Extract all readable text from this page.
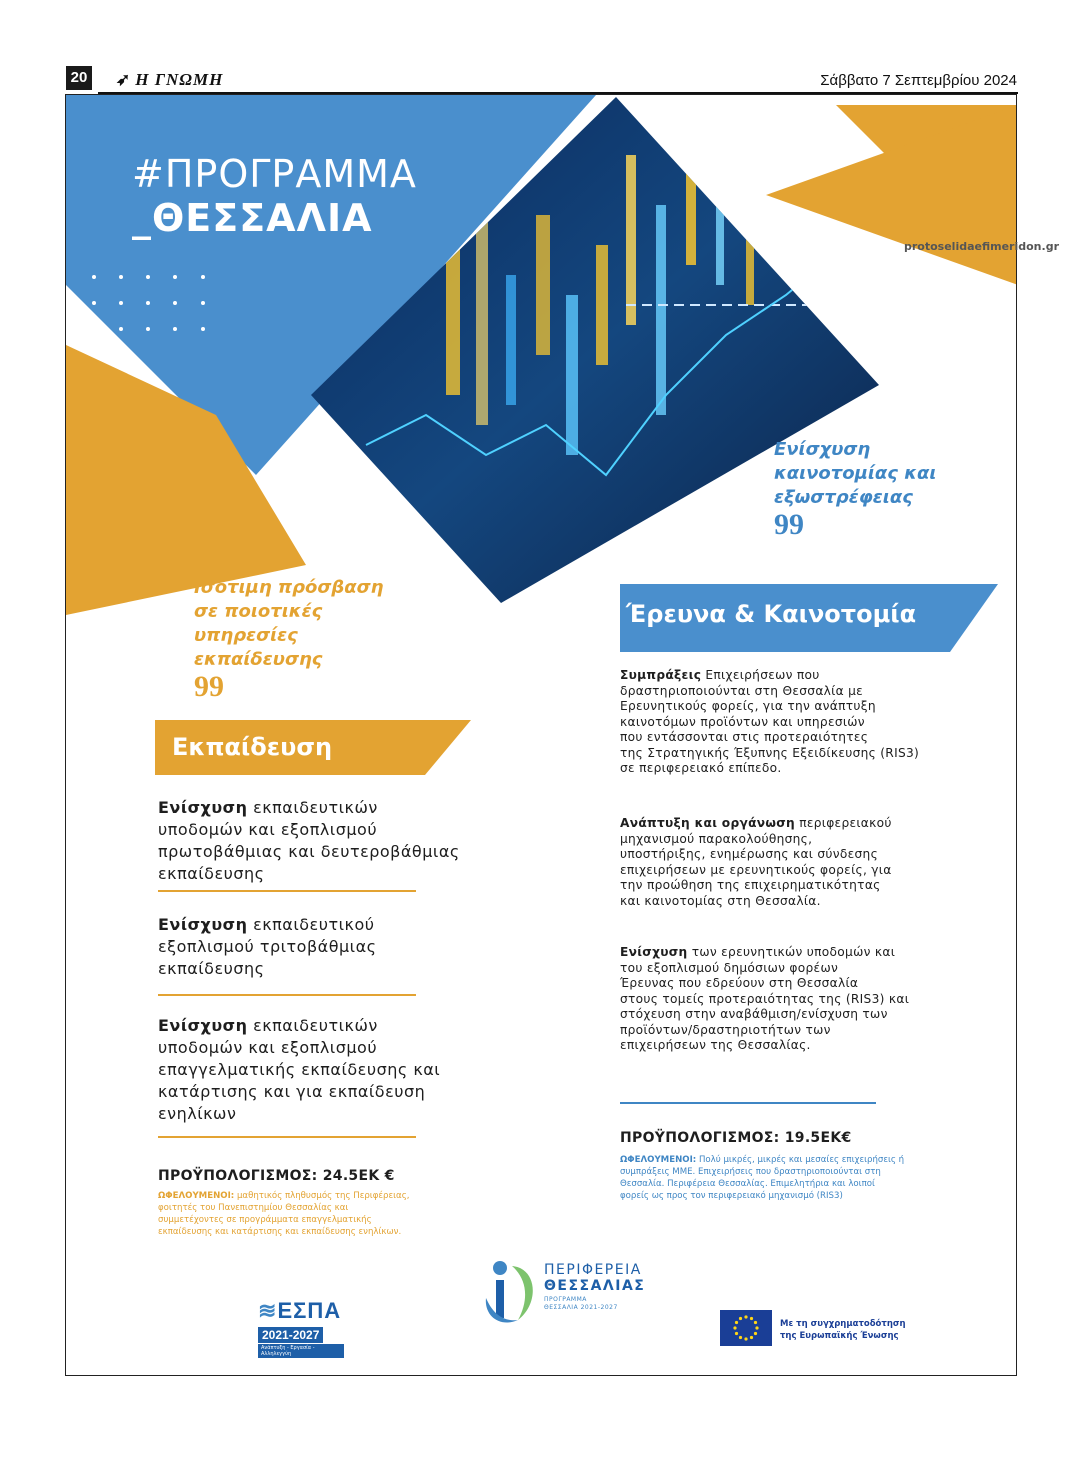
20 ➶ Η ΓΝΩΜΗ	Σάββατο 7 Σεπτεμβρίου 2024
#ΠΡΟΓΡΑΜΜΑ
_ΘΕΣΣΑΛΙΑ
protoselidaefimeridon.gr
Ενίσχυση
καινοτομίας και
εξωστρέφειας
99
Ισότιμη πρόσβαση
σε ποιοτικές
υπηρεσίες
εκπαίδευσης
99
Έρευνα & Καινοτομία
Εκπαίδευση
Ενίσχυση εκπαιδευτικών
υποδομών και εξοπλισμού
πρωτοβάθμιας και δευτεροβάθμιας
εκπαίδευσης
Ενίσχυση εκπαιδευτικού
εξοπλισμού τριτοβάθμιας
εκπαίδευσης
Ενίσχυση εκπαιδευτικών
υποδομών και εξοπλισμού
επαγγελματικής εκπαίδευσης και
κατάρτισης και για εκπαίδευση
ενηλίκων
ΠΡΟΫΠΟΛΟΓΙΣΜΟΣ: 24.5ΕΚ €
ΩΦΕΛΟΥΜΕΝΟΙ: μαθητικός πληθυσμός της Περιφέρειας,
φοιτητές του Πανεπιστημίου Θεσσαλίας και
συμμετέχοντες σε προγράμματα επαγγελματικής
εκπαίδευσης και κατάρτισης και εκπαίδευσης ενηλίκων.
Συμπράξεις Επιχειρήσεων που
δραστηριοποιούνται στη Θεσσαλία με
Ερευνητικούς φορείς, για την ανάπτυξη
καινοτόμων προϊόντων και υπηρεσιών
που εντάσσονται στις προτεραιότητες
της Στρατηγικής Έξυπνης Εξειδίκευσης (RIS3)
σε περιφερειακό επίπεδο.
Ανάπτυξη και οργάνωση περιφερειακού
μηχανισμού παρακολούθησης,
υποστήριξης, ενημέρωσης και σύνδεσης
επιχειρήσεων με ερευνητικούς φορείς, για
την προώθηση της επιχειρηματικότητας
και καινοτομίας στη Θεσσαλία.
Ενίσχυση των ερευνητικών υποδομών και
του εξοπλισμού δημόσιων φορέων
Έρευνας που εδρεύουν στη Θεσσαλία
στους τομείς προτεραιότητας της (RIS3) και
στόχευση στην αναβάθμιση/ενίσχυση των
προϊόντων/δραστηριοτήτων των
επιχειρήσεων της Θεσσαλίας.
ΠΡΟΫΠΟΛΟΓΙΣΜΟΣ: 19.5ΕΚ€
ΩΦΕΛΟΥΜΕΝΟΙ: Πολύ μικρές, μικρές και μεσαίες επιχειρήσεις ή
συμπράξεις ΜΜΕ. Επιχειρήσεις που δραστηριοποιούνται στη
Θεσσαλία. Περιφέρεια Θεσσαλίας. Επιμελητήρια και λοιποί
φορείς ως προς τον περιφερειακό μηχανισμό (RIS3)
≋ΕΣΠΑ
2021-2027
Ανάπτυξη - Εργασία - Αλληλεγγύη
ΠΕΡΙΦΕΡΕΙΑ
ΘΕΣΣΑΛΙΑΣ
ΠΡΟΓΡΑΜΜΑ
ΘΕΣΣΑΛΙΑ 2021-2027
Με τη συγχρηματοδότηση
της Ευρωπαϊκής Ένωσης
